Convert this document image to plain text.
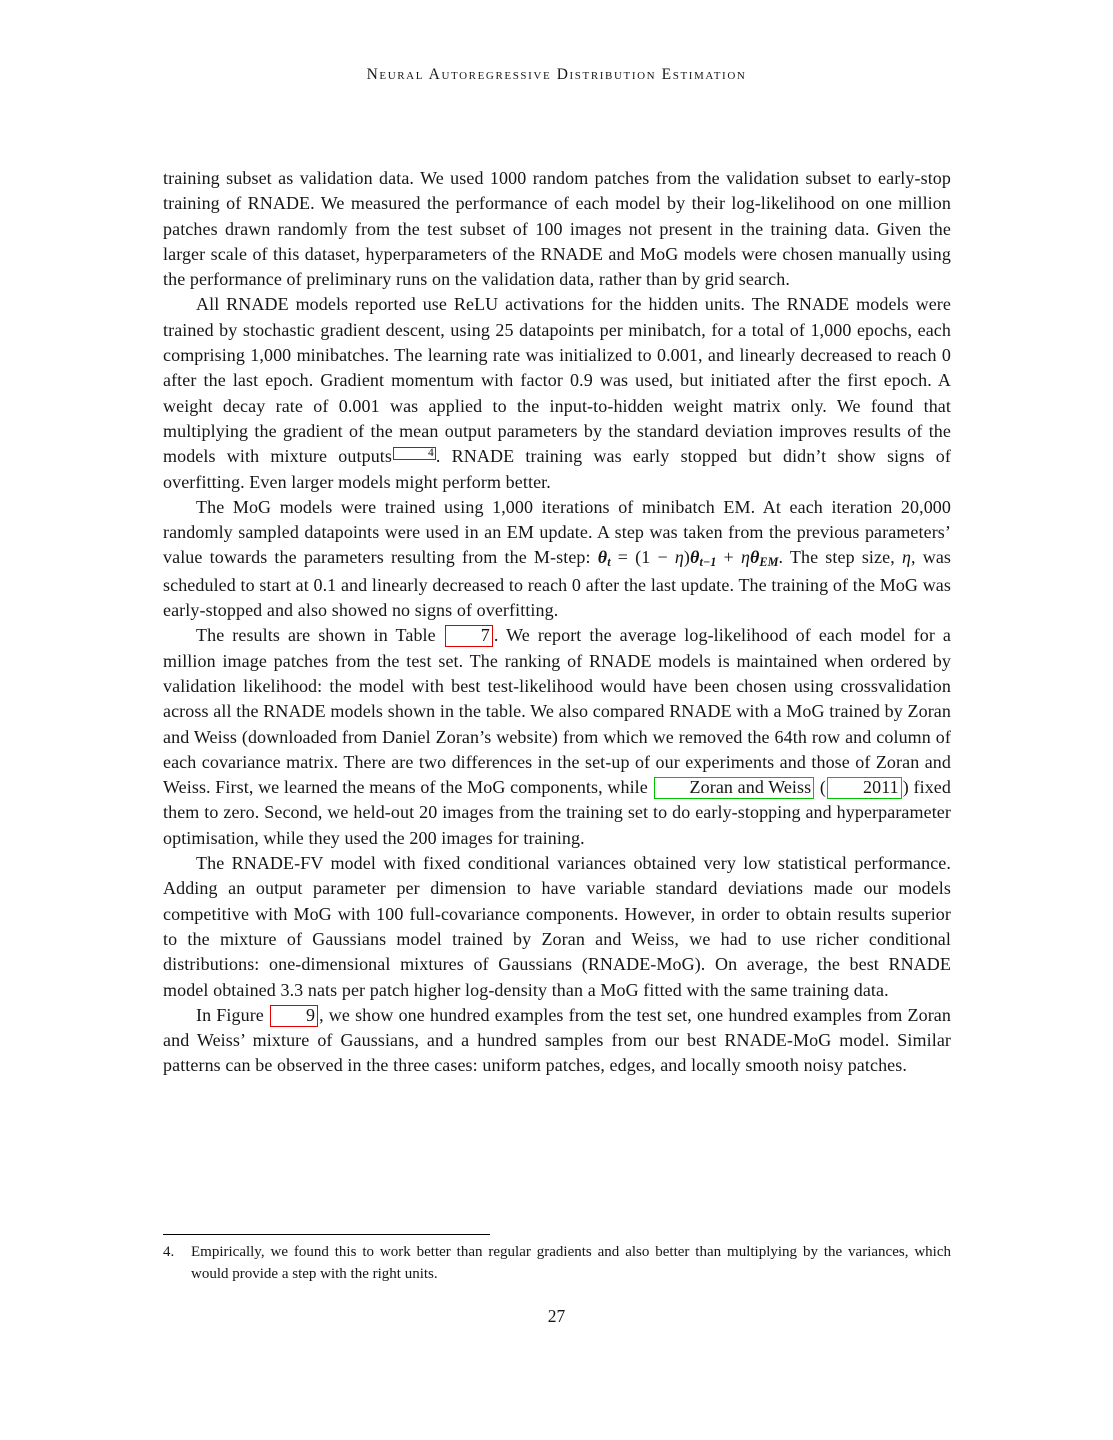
Neural Autoregressive Distribution Estimation

training subset as validation data. We used 1000 random patches from the validation subset to early-stop training of RNADE. We measured the performance of each model by their log-likelihood on one million patches drawn randomly from the test subset of 100 images not present in the training data. Given the larger scale of this dataset, hyperparameters of the RNADE and MoG models were chosen manually using the performance of preliminary runs on the validation data, rather than by grid search.

All RNADE models reported use ReLU activations for the hidden units. The RNADE models were trained by stochastic gradient descent, using 25 datapoints per minibatch, for a total of 1,000 epochs, each comprising 1,000 minibatches. The learning rate was initialized to 0.001, and linearly decreased to reach 0 after the last epoch. Gradient momentum with factor 0.9 was used, but initiated after the first epoch. A weight decay rate of 0.001 was applied to the input-to-hidden weight matrix only. We found that multiplying the gradient of the mean output parameters by the standard deviation improves results of the models with mixture outputs	4 . RNADE training was early stopped but didn’t show signs of overfitting. Even larger models might perform better.

The MoG models were trained using 1,000 iterations of minibatch EM. At each iteration 20,000 randomly sampled datapoints were used in an EM update. A step was taken from the previous parameters’ value towards the parameters resulting from the M-step: θt = (1 − η)θt−1 + ηθEM. The step size, η, was scheduled to start at 0.1 and linearly decreased to reach 0 after the last update. The training of the MoG was early-stopped and also showed no signs of overfitting.

The results are shown in Table 7 . We report the average log-likelihood of each model for a million image patches from the test set. The ranking of RNADE models is maintained when ordered by validation likelihood: the model with best test-likelihood would have been chosen using crossvalidation across all the RNADE models shown in the table. We also compared RNADE with a MoG trained by Zoran and Weiss (downloaded from Daniel Zoran’s website) from which we removed the 64th row and column of each covariance matrix. There are two differences in the set-up of our experiments and those of Zoran and Weiss. First, we learned the means of the MoG components, while Zoran and Weiss ( 2011 ) fixed them to zero. Second, we held-out 20 images from the training set to do early-stopping and hyperparameter optimisation, while they used the 200 images for training.

The RNADE-FV model with fixed conditional variances obtained very low statistical performance. Adding an output parameter per dimension to have variable standard deviations made our models competitive with MoG with 100 full-covariance components. However, in order to obtain results superior to the mixture of Gaussians model trained by Zoran and Weiss, we had to use richer conditional distributions: one-dimensional mixtures of Gaussians (RNADE-MoG). On average, the best RNADE model obtained 3.3 nats per patch higher log-density than a MoG fitted with the same training data.

In Figure 9 , we show one hundred examples from the test set, one hundred examples from Zoran and Weiss’ mixture of Gaussians, and a hundred samples from our best RNADE-MoG model. Similar patterns can be observed in the three cases: uniform patches, edges, and locally smooth noisy patches.

4.	Empirically, we found this to work better than regular gradients and also better than multiplying by the variances, which would provide a step with the right units.
27
